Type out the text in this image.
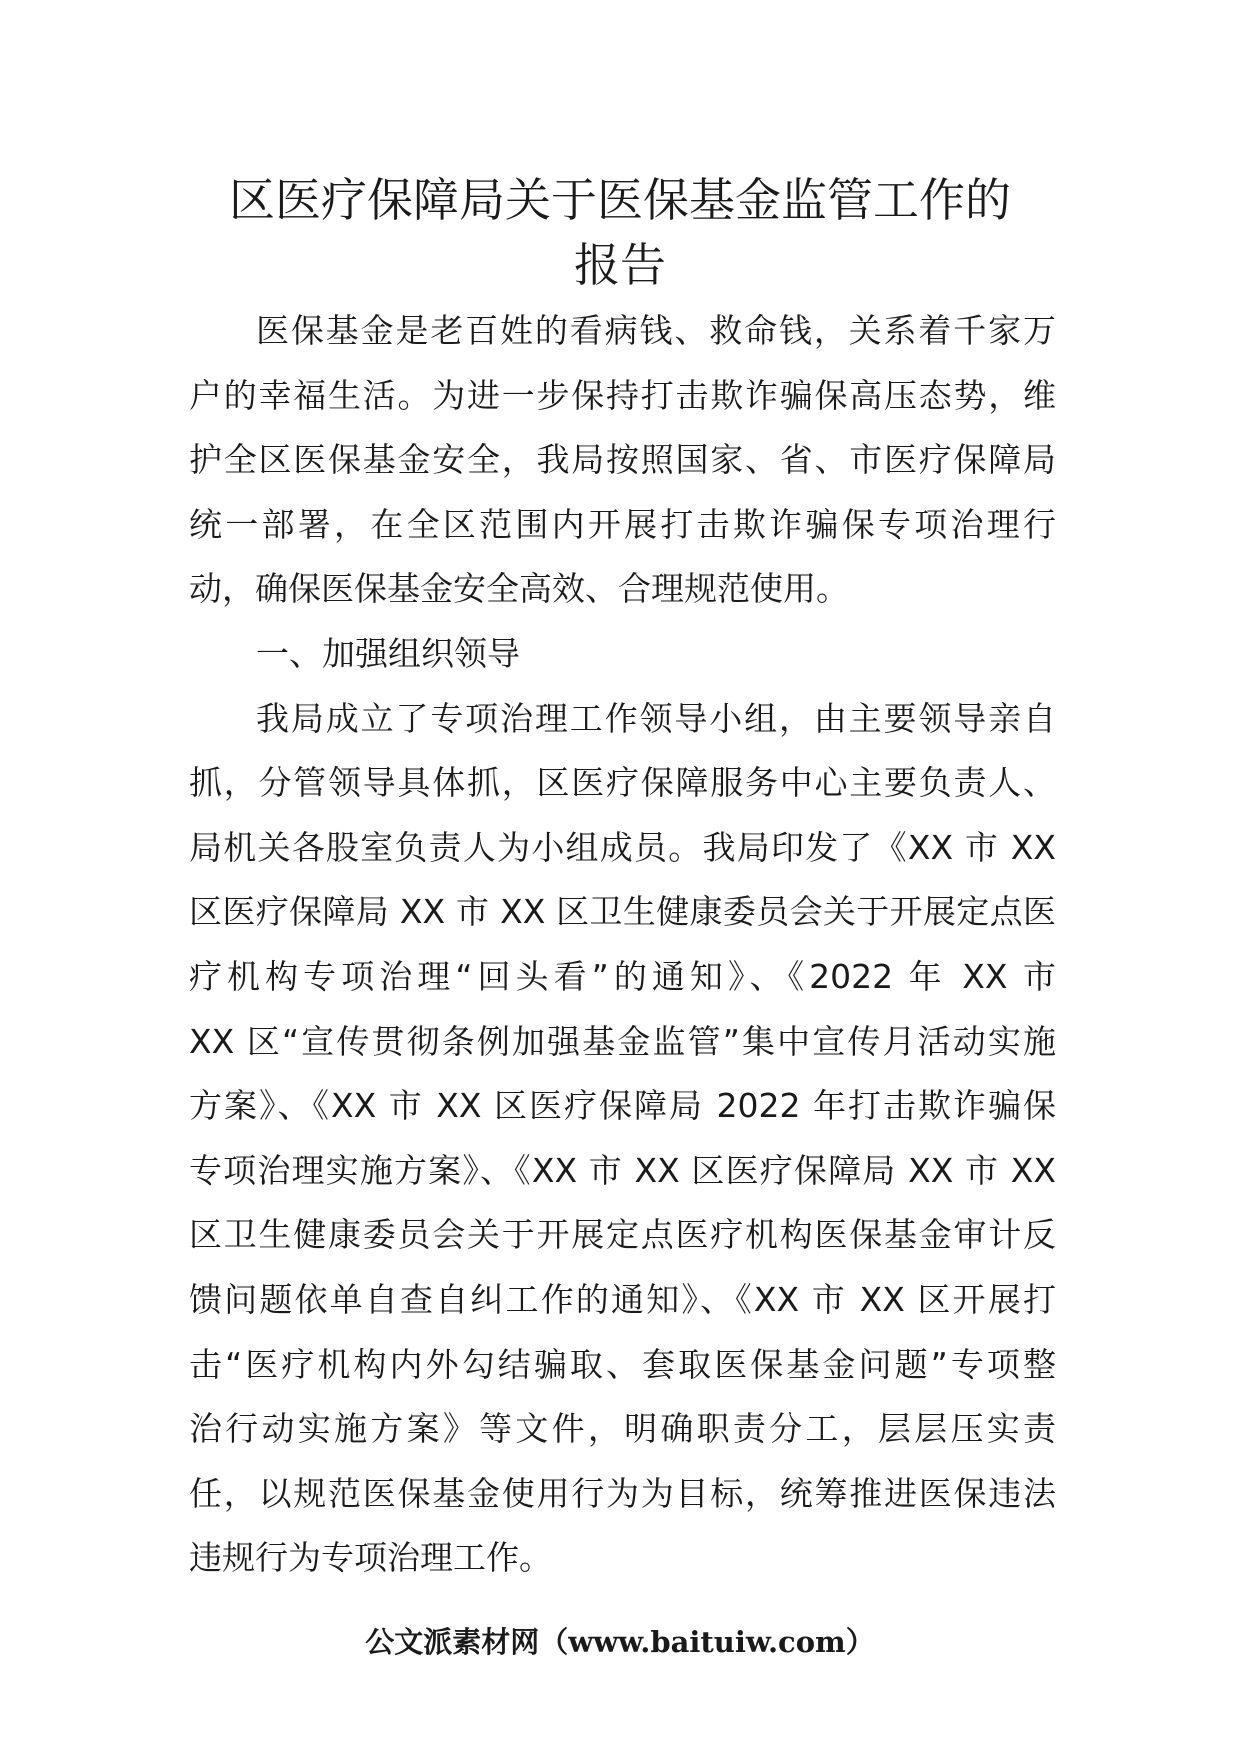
区医疗保障局关于医保基金监管工作的
报告
医保基金是老百姓的看病钱、救命钱，关系着千家万
户的幸福生活。为进一步保持打击欺诈骗保高压态势，维
护全区医保基金安全，我局按照国家、省、市医疗保障局
统一部署，在全区范围内开展打击欺诈骗保专项治理行
动，确保医保基金安全高效、合理规范使用。
一、加强组织领导
我局成立了专项治理工作领导小组，由主要领导亲自
抓，分管领导具体抓，区医疗保障服务中心主要负责人、
局机关各股室负责人为小组成员。我局印发了《XX 市 XX
区医疗保障局 XX 市 XX 区卫生健康委员会关于开展定点医
疗机构专项治理“回头看”的通知》、《2022 年 XX 市
XX 区“宣传贯彻条例加强基金监管”集中宣传月活动实施
方案》、《XX 市 XX 区医疗保障局 2022 年打击欺诈骗保
专项治理实施方案》、《XX 市 XX 区医疗保障局 XX 市 XX
区卫生健康委员会关于开展定点医疗机构医保基金审计反
馈问题依单自查自纠工作的通知》、《XX 市 XX 区开展打
击“医疗机构内外勾结骗取、套取医保基金问题”专项整
治行动实施方案》等文件，明确职责分工，层层压实责
任，以规范医保基金使用行为为目标，统筹推进医保违法
违规行为专项治理工作。
公文派素材网（www.baituiw.com）
